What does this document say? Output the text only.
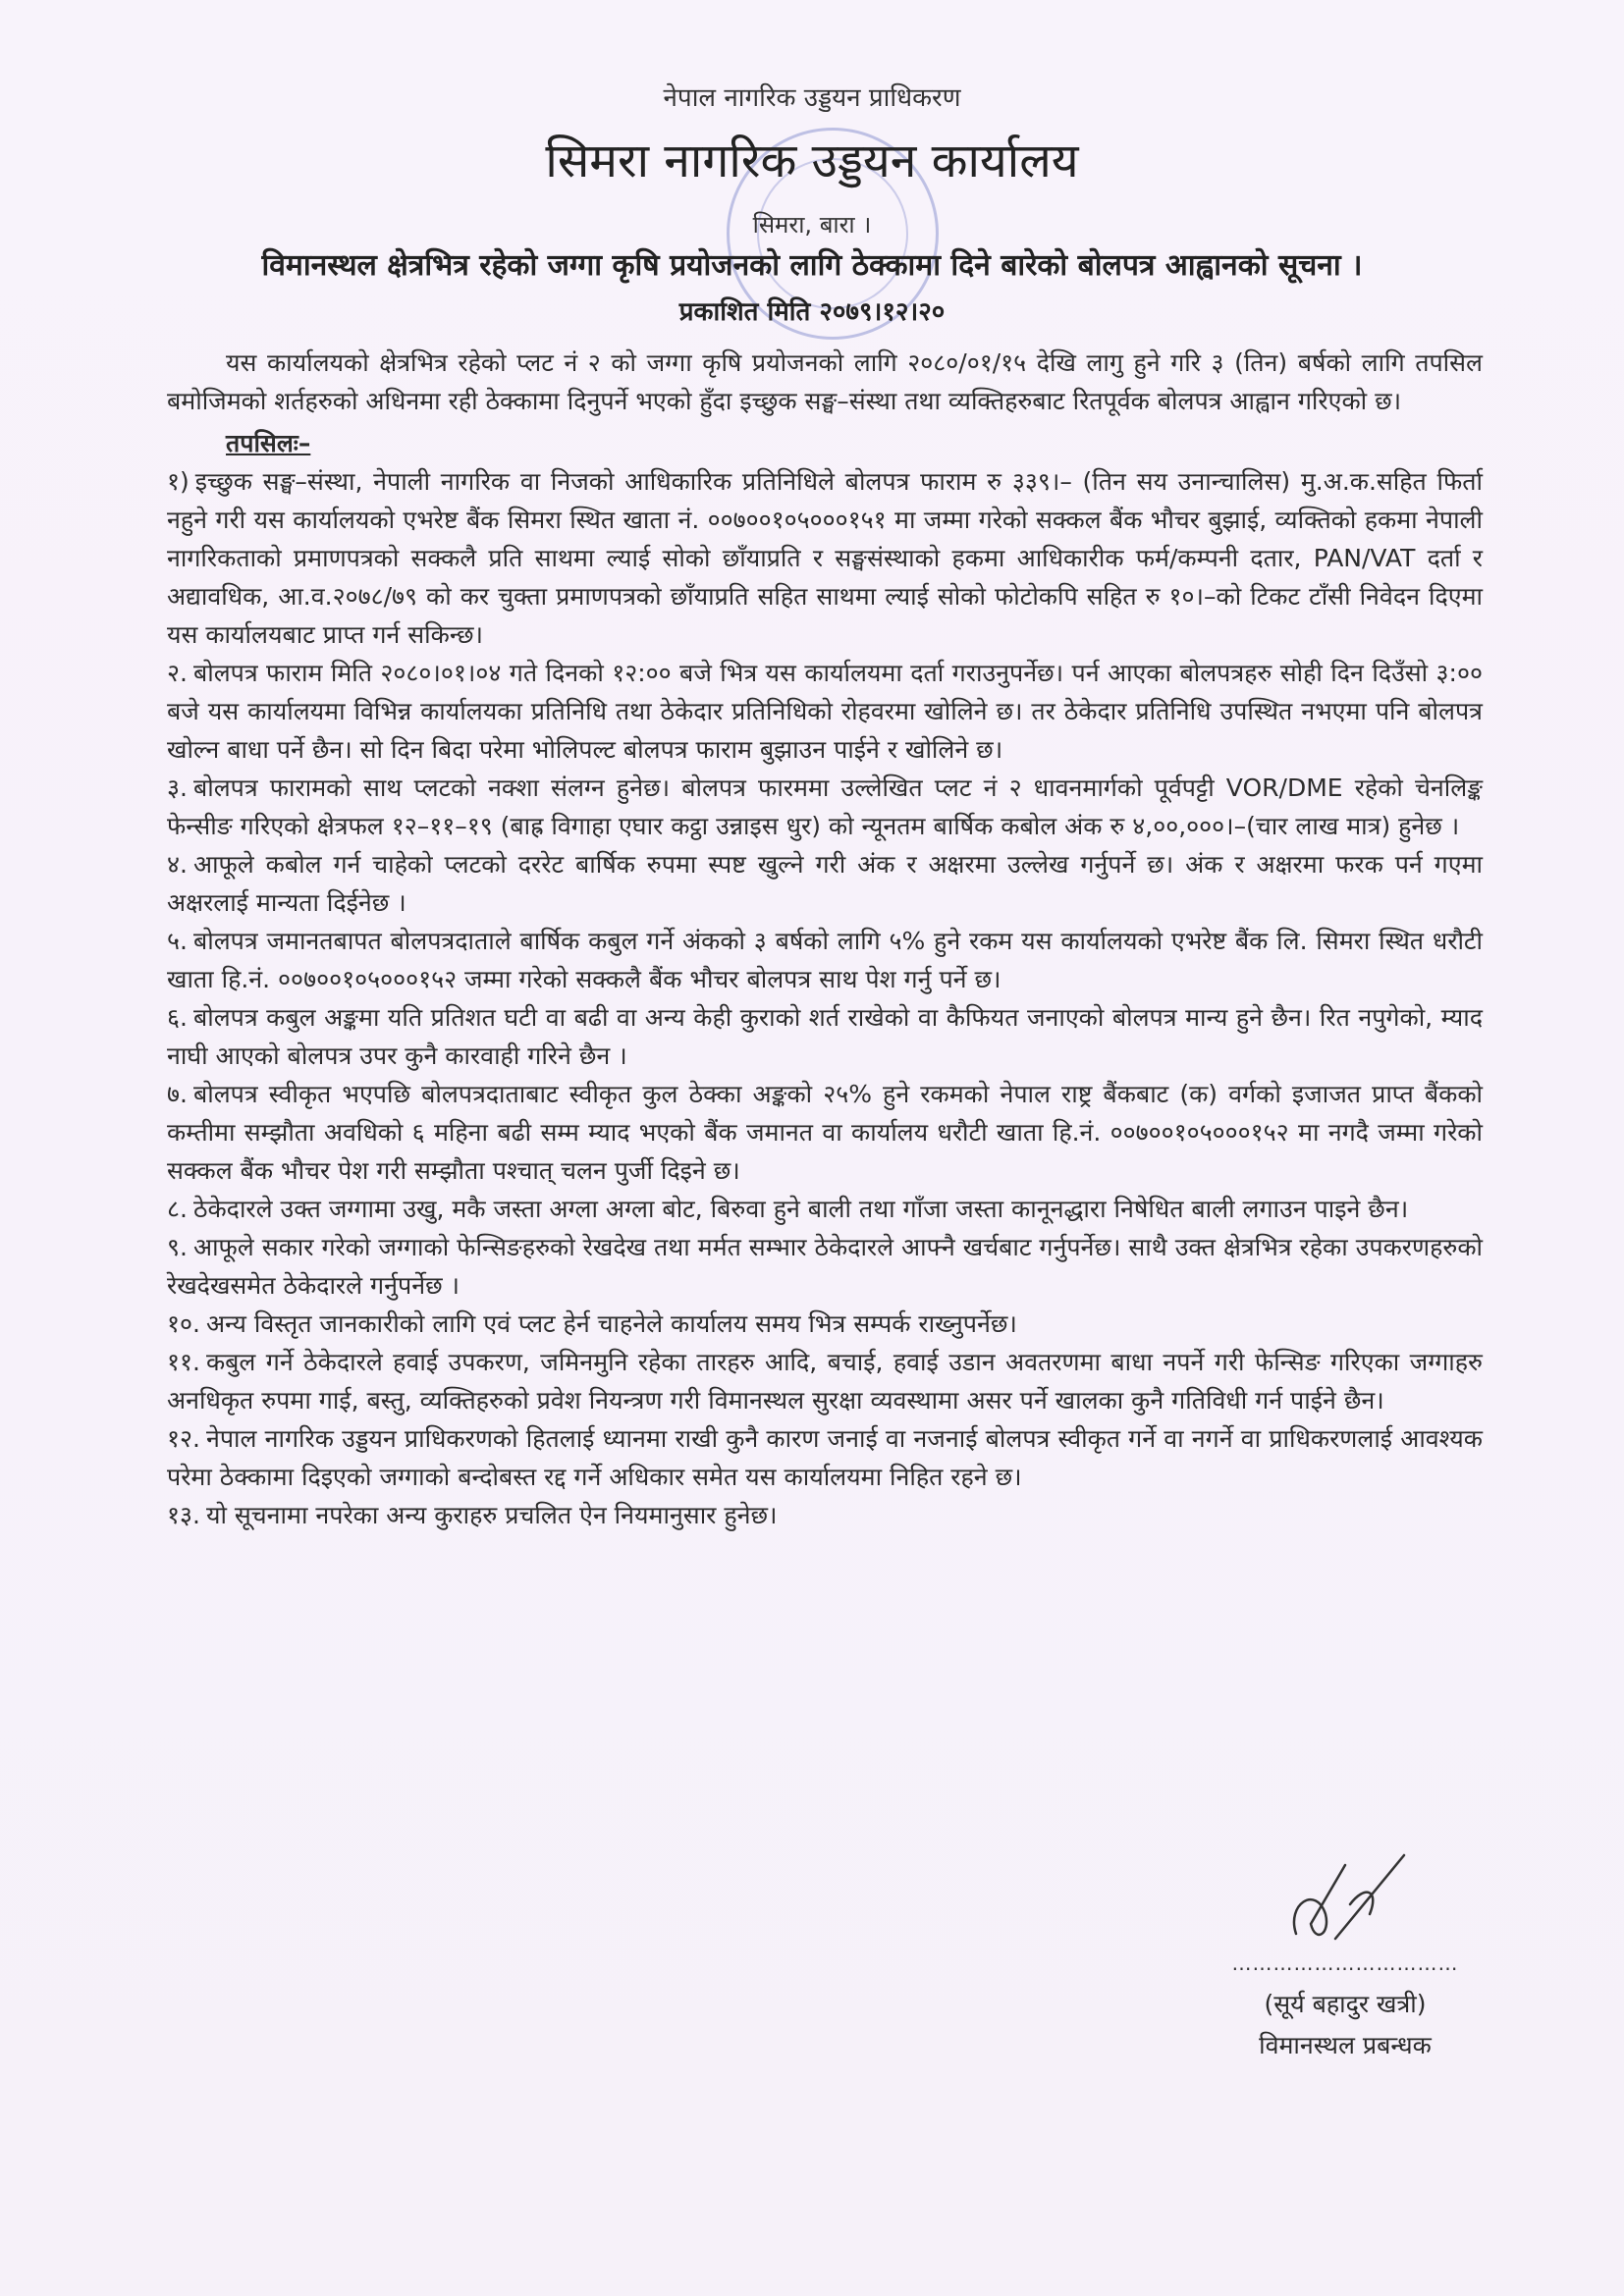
नेपाल नागरिक उड्डयन प्राधिकरण
सिमरा नागरिक उड्डयन कार्यालय
सिमरा, बारा ।
विमानस्थल क्षेत्रभित्र रहेको जग्गा कृषि प्रयोजनको लागि ठेक्कामा दिने बारेको बोलपत्र आह्वानको सूचना ।
प्रकाशित मिति २०७९।१२।२०

यस कार्यालयको क्षेत्रभित्र रहेको प्लट नं २ को जग्गा कृषि प्रयोजनको लागि २०८०/०१/१५ देखि लागु हुने गरि ३ (तिन) बर्षको लागि तपसिल बमोजिमको शर्तहरुको अधिनमा रही ठेक्कामा दिनुपर्ने भएको हुँदा इच्छुक सङ्घ–संस्था तथा व्यक्तिहरुबाट रितपूर्वक बोलपत्र आह्वान गरिएको छ।

तपसिलः–

१) इच्छुक सङ्घ–संस्था, नेपाली नागरिक वा निजको आधिकारिक प्रतिनिधिले बोलपत्र फाराम रु ३३९।– (तिन सय उनान्चालिस) मु.अ.क.सहित फिर्ता नहुने गरी यस कार्यालयको एभरेष्ट बैंक सिमरा स्थित खाता नं. ००७००१०५०००१५१ मा जम्मा गरेको सक्कल बैंक भौचर बुझाई, व्यक्तिको हकमा नेपाली नागरिकताको प्रमाणपत्रको सक्कलै प्रति साथमा ल्याई सोको छाँयाप्रति र सङ्घसंस्थाको हकमा आधिकारीक फर्म/कम्पनी दतार, PAN/VAT दर्ता र अद्यावधिक, आ.व.२०७८/७९ को कर चुक्ता प्रमाणपत्रको छाँयाप्रति सहित साथमा ल्याई सोको फोटोकपि सहित रु १०।–को टिकट टाँसी निवेदन दिएमा यस कार्यालयबाट प्राप्त गर्न सकिन्छ।

२. बोलपत्र फाराम मिति २०८०।०१।०४ गते दिनको १२:०० बजे भित्र यस कार्यालयमा दर्ता गराउनुपर्नेछ। पर्न आएका बोलपत्रहरु सोही दिन दिउँसो ३:०० बजे यस कार्यालयमा विभिन्न कार्यालयका प्रतिनिधि तथा ठेकेदार प्रतिनिधिको रोहवरमा खोलिने छ। तर ठेकेदार प्रतिनिधि उपस्थित नभएमा पनि बोलपत्र खोल्न बाधा पर्ने छैन। सो दिन बिदा परेमा भोलिपल्ट बोलपत्र फाराम बुझाउन पाईने र खोलिने छ।

३. बोलपत्र फारामको साथ प्लटको नक्शा संलग्न हुनेछ। बोलपत्र फारममा उल्लेखित प्लट नं २ धावनमार्गको पूर्वपट्टी VOR/DME रहेको चेनलिङ्क फेन्सीङ गरिएको क्षेत्रफल १२–११–१९ (बाह्र विगाहा एघार कट्ठा उन्नाइस धुर) को न्यूनतम बार्षिक कबोल अंक रु ४,००,०००।–(चार लाख मात्र) हुनेछ ।

४. आफूले कबोल गर्न चाहेको प्लटको दररेट बार्षिक रुपमा स्पष्ट खुल्ने गरी अंक र अक्षरमा उल्लेख गर्नुपर्ने छ। अंक र अक्षरमा फरक पर्न गएमा अक्षरलाई मान्यता दिईनेछ ।

५. बोलपत्र जमानतबापत बोलपत्रदाताले बार्षिक कबुल गर्ने अंकको ३ बर्षको लागि ५% हुने रकम यस कार्यालयको एभरेष्ट बैंक लि. सिमरा स्थित धरौटी खाता हि.नं. ००७००१०५०००१५२ जम्मा गरेको सक्कलै बैंक भौचर बोलपत्र साथ पेश गर्नु पर्ने छ।

६. बोलपत्र कबुल अङ्कमा यति प्रतिशत घटी वा बढी वा अन्य केही कुराको शर्त राखेको वा कैफियत जनाएको बोलपत्र मान्य हुने छैन। रित नपुगेको, म्याद नाघी आएको बोलपत्र उपर कुनै कारवाही गरिने छैन ।

७. बोलपत्र स्वीकृत भएपछि बोलपत्रदाताबाट स्वीकृत कुल ठेक्का अङ्कको २५% हुने रकमको नेपाल राष्ट्र बैंकबाट (क) वर्गको इजाजत प्राप्त बैंकको कम्तीमा सम्झौता अवधिको ६ महिना बढी सम्म म्याद भएको बैंक जमानत वा कार्यालय धरौटी खाता हि.नं. ००७००१०५०००१५२ मा नगदै जम्मा गरेको सक्कल बैंक भौचर पेश गरी सम्झौता पश्चात् चलन पुर्जी दिइने छ।

८. ठेकेदारले उक्त जग्गामा उखु, मकै जस्ता अग्ला अग्ला बोट, बिरुवा हुने बाली तथा गाँजा जस्ता कानूनद्धारा निषेधित बाली लगाउन पाइने छैन।

९. आफूले सकार गरेको जग्गाको फेन्सिङहरुको रेखदेख तथा मर्मत सम्भार ठेकेदारले आफ्नै खर्चबाट गर्नुपर्नेछ। साथै उक्त क्षेत्रभित्र रहेका उपकरणहरुको रेखदेखसमेत ठेकेदारले गर्नुपर्नेछ ।

१०. अन्य विस्तृत जानकारीको लागि एवं प्लट हेर्न चाहनेले कार्यालय समय भित्र सम्पर्क राख्नुपर्नेछ।

११. कबुल गर्ने ठेकेदारले हवाई उपकरण, जमिनमुनि रहेका तारहरु आदि, बचाई, हवाई उडान अवतरणमा बाधा नपर्ने गरी फेन्सिङ गरिएका जग्गाहरु अनधिकृत रुपमा गाई, बस्तु, व्यक्तिहरुको प्रवेश नियन्त्रण गरी विमानस्थल सुरक्षा व्यवस्थामा असर पर्ने खालका कुनै गतिविधी गर्न पाईने छैन।

१२. नेपाल नागरिक उड्डयन प्राधिकरणको हितलाई ध्यानमा राखी कुनै कारण जनाई वा नजनाई बोलपत्र स्वीकृत गर्ने वा नगर्ने वा प्राधिकरणलाई आवश्यक परेमा ठेक्कामा दिइएको जग्गाको बन्दोबस्त रद्द गर्ने अधिकार समेत यस कार्यालयमा निहित रहने छ।

१३. यो सूचनामा नपरेका अन्य कुराहरु प्रचलित ऐन नियमानुसार हुनेछ।

……………………………
(सूर्य बहादुर खत्री)
विमानस्थल प्रबन्धक
